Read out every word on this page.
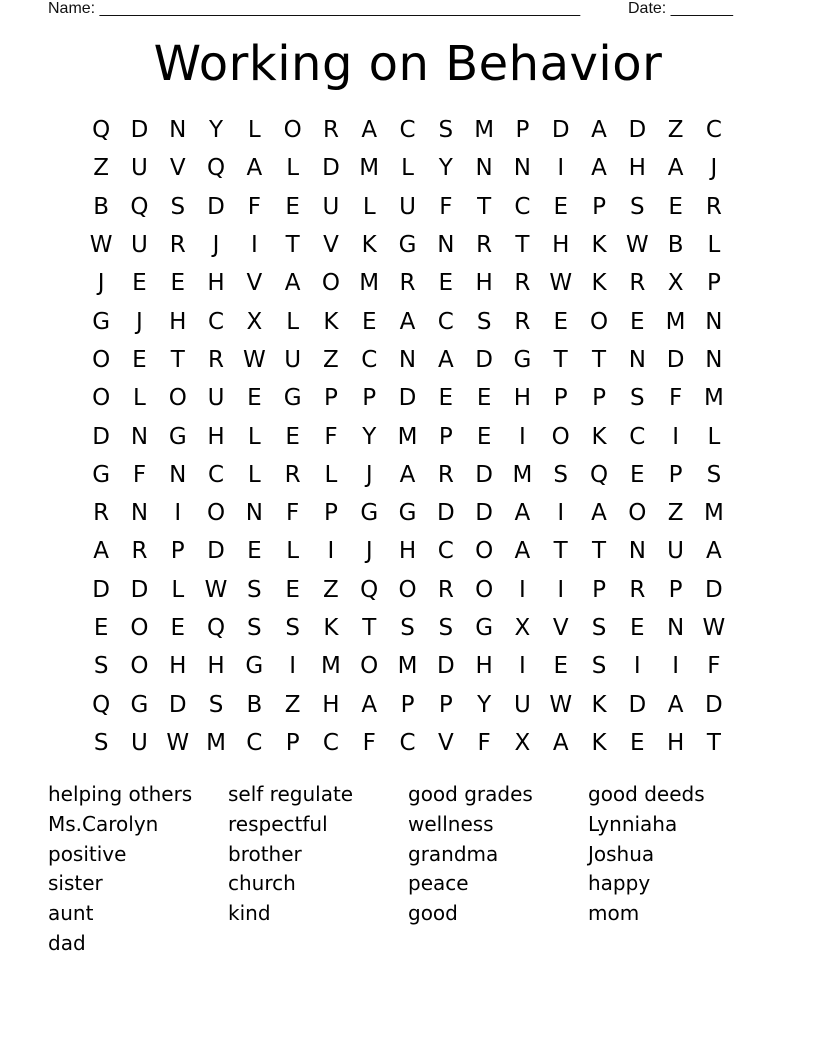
Name: ______________________________________________________	Date: _______
Working on Behavior
Q D N Y	L O R A C S M P D A D Z C
Z U V Q A	L	D M L	Y N N	I	A H A	J
B Q S D F	E U	L	U	F	T	C	E	P	S	E	R
W U R	J	I	T	V K G N R	T H K W B	L
J	E	E H V A O M R	E H R W K R X	P
G	J	H C X	L	K	E	A C S	R	E O E M N
O E	T	R W U Z C N A D G T	T N D N
O L O U E G P	P D E	E H P	P	S	F M
D N G H	L	E	F	Y M P	E	I	O K C	I	L
G F	N C	L	R	L	J	A R D M S Q E	P	S
R N	I	O N	F	P G G D D A	I	A O Z M
A R	P D E	L	I	J	H C O A	T	T N U A
D D	L W S	E	Z Q O R O	I	I	P	R	P D
E O E Q S	S	K	T	S	S G X V	S	E N W
S O H H G	I	M O M D H	I	E	S	I	I	F
Q G D S	B Z H A	P	P	Y U W K D A D
S U W M C	P	C	F	C V	F	X A K	E H T
helping others	self regulate	good grades	good deeds
Ms.Carolyn	respectful	wellness	Lynniaha
positive	brother	grandma	Joshua
sister	church	peace	happy
aunt	kind	good	mom
dad
